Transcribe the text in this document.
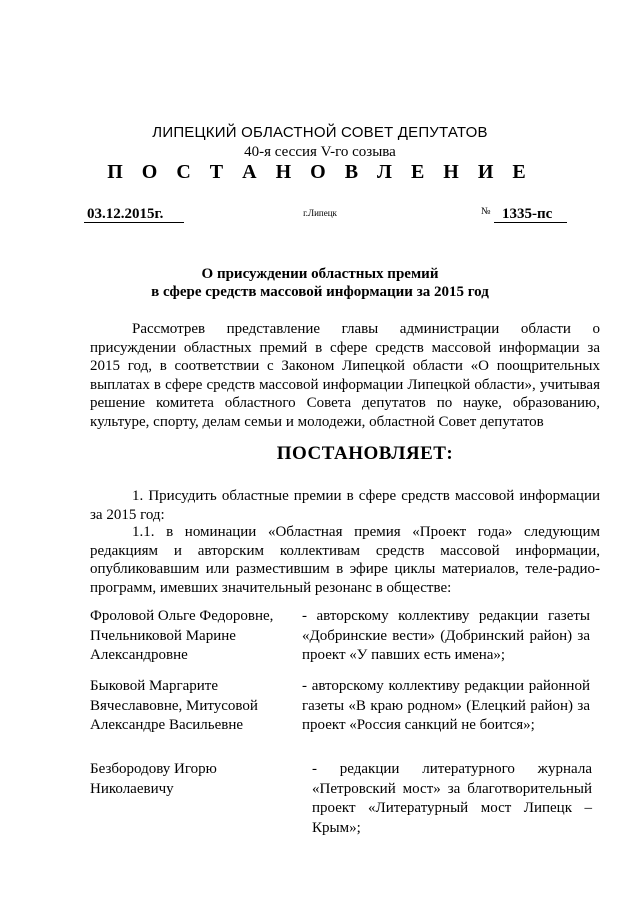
ЛИПЕЦКИЙ ОБЛАСТНОЙ СОВЕТ ДЕПУТАТОВ
40-я сессия V-го созыва
П О С Т А Н О В Л Е Н И Е
03.12.2015г.	г.Липецк	№ 1335-пс
О присуждении областных премий
в сфере средств массовой информации за 2015 год
Рассмотрев представление главы администрации области о присуждении областных премий в сфере средств массовой информации за 2015 год, в соответствии с Законом Липецкой области «О поощрительных выплатах в сфере средств массовой информации Липецкой области», учитывая решение комитета областного Совета депутатов по науке, образованию, культуре, спорту, делам семьи и молодежи, областной Совет депутатов
ПОСТАНОВЛЯЕТ:
1. Присудить областные премии в сфере средств массовой информации за 2015 год:
1.1. в номинации «Областная премия «Проект года» следующим редакциям и авторским коллективам средств массовой информации, опубликовавшим или разместившим в эфире циклы материалов, теле-радио-программ, имевших значительный резонанс в обществе:
Фроловой Ольге Федоровне, Пчельниковой Марине Александровне
- авторскому коллективу редакции газеты «Добринские вести» (Добринский район) за проект «У павших есть имена»;
Быковой Маргарите Вячеславовне, Митусовой Александре Васильевне
- авторскому коллективу редакции районной газеты «В краю родном» (Елецкий район) за проект «Россия санкций не боится»;
Безбородову Игорю Николаевичу
- редакции литературного журнала «Петровский мост» за благотворительный проект «Литературный мост Липецк – Крым»;
